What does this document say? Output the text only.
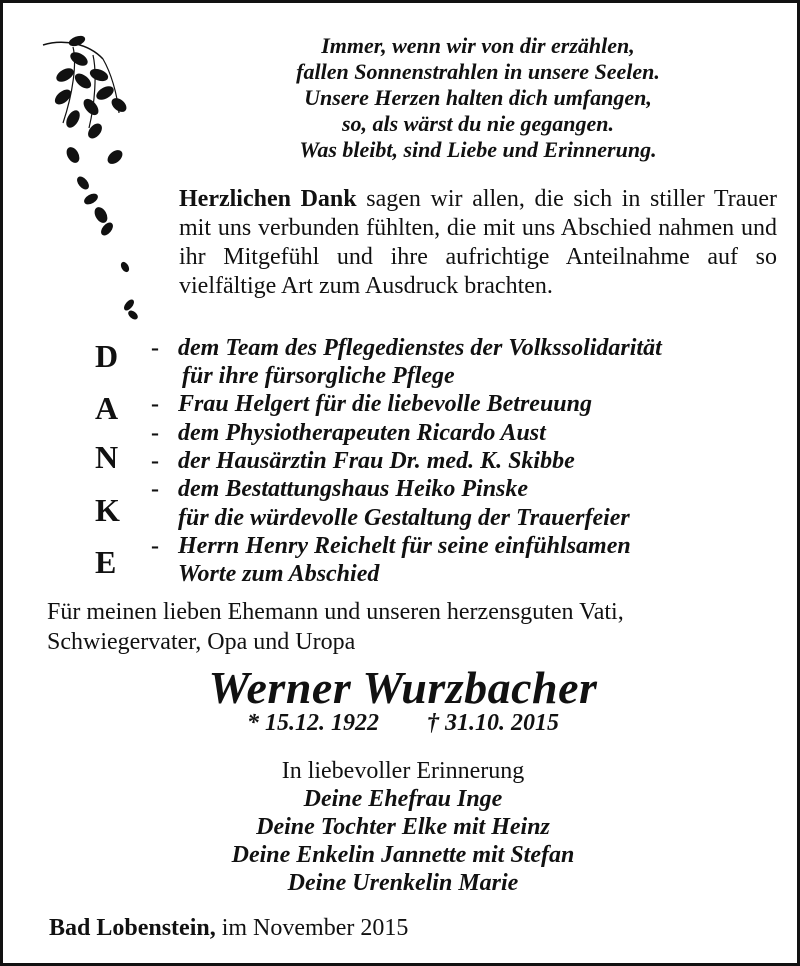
Immer, wenn wir von dir erzählen,
fallen Sonnenstrahlen in unsere Seelen.
Unsere Herzen halten dich umfangen,
so, als wärst du nie gegangen.
Was bleibt, sind Liebe und Erinnerung.
Herzlichen Dank sagen wir allen, die sich in stiller Trauer mit uns verbunden fühlten, die mit uns Abschied nahmen und ihr Mitgefühl und ihre aufrichtige Anteilnahme auf so vielfältige Art zum Ausdruck brachten.
D
A
N
K
E
-
-
-
-
-
-
dem Team des Pflegedienstes der Volkssolidarität
für ihre fürsorgliche Pflege
Frau Helgert für die liebevolle Betreuung
dem Physiotherapeuten Ricardo Aust
der Hausärztin Frau Dr. med. K. Skibbe
dem Bestattungshaus Heiko Pinske
für die würdevolle Gestaltung der Trauerfeier
Herrn Henry Reichelt für seine einfühlsamen
Worte zum Abschied
Für meinen lieben Ehemann und unseren herzensguten Vati,
Schwiegervater, Opa und Uropa
Werner Wurzbacher
* 15.12. 1922 † 31.10. 2015
In liebevoller Erinnerung
Deine Ehefrau Inge
Deine Tochter Elke mit Heinz
Deine Enkelin Jannette mit Stefan
Deine Urenkelin Marie
Bad Lobenstein, im November 2015
